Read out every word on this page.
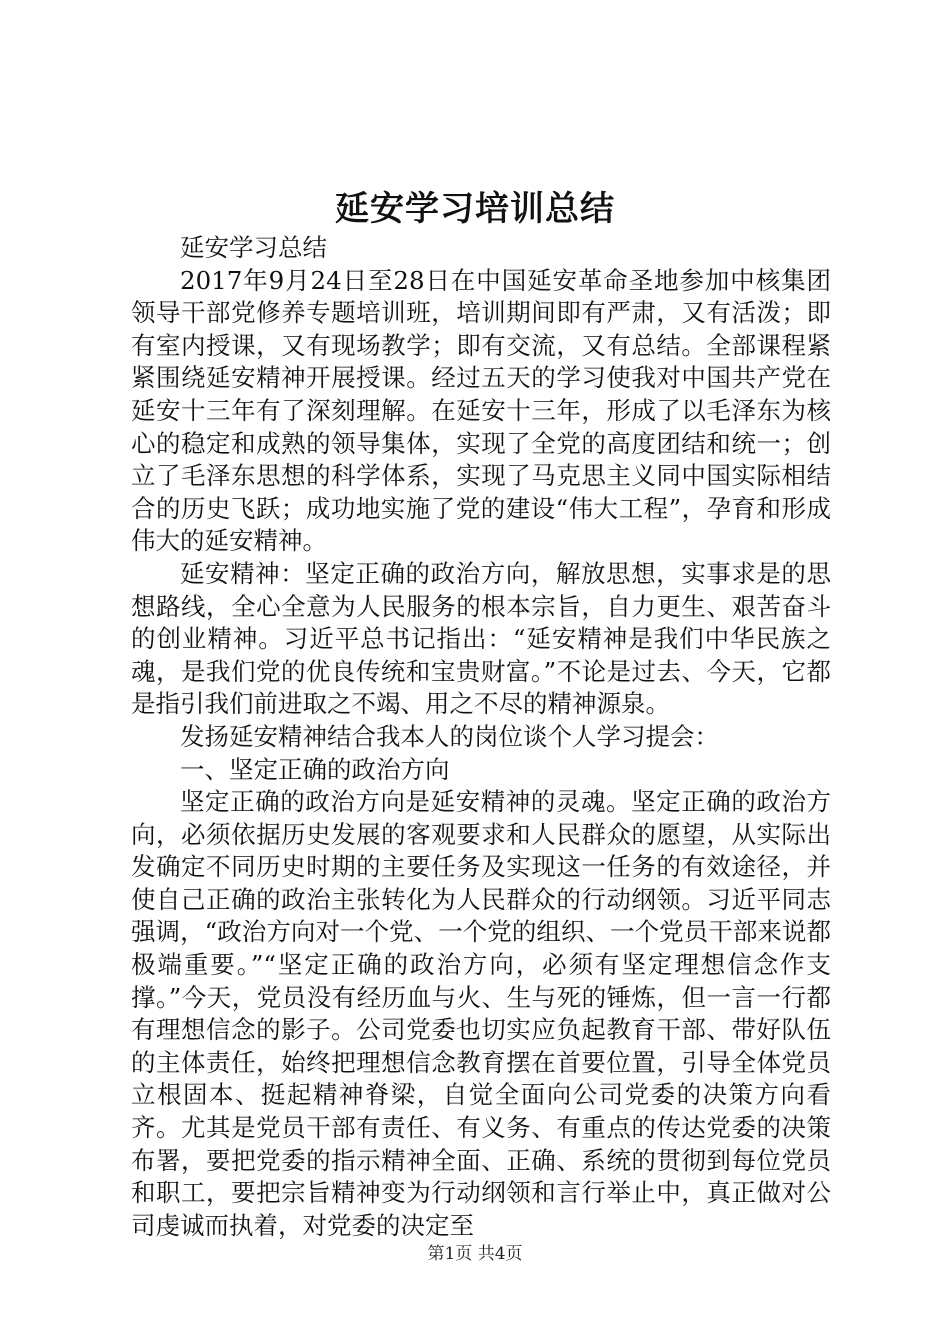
延安学习培训总结

延安学习总结

2017年9月24日至28日在中国延安革命圣地参加中核集团领导干部党修养专题培训班，培训期间即有严肃，又有活泼；即有室内授课，又有现场教学；即有交流，又有总结。全部课程紧紧围绕延安精神开展授课。经过五天的学习使我对中国共产党在延安十三年有了深刻理解。在延安十三年，形成了以毛泽东为核心的稳定和成熟的领导集体，实现了全党的高度团结和统一；创立了毛泽东思想的科学体系，实现了马克思主义同中国实际相结合的历史飞跃；成功地实施了党的建设“伟大工程”，孕育和形成伟大的延安精神。

延安精神：坚定正确的政治方向，解放思想，实事求是的思想路线，全心全意为人民服务的根本宗旨，自力更生、艰苦奋斗的创业精神。习近平总书记指出：“延安精神是我们中华民族之魂，是我们党的优良传统和宝贵财富。”不论是过去、今天，它都是指引我们前进取之不竭、用之不尽的精神源泉。

发扬延安精神结合我本人的岗位谈个人学习提会：

一、坚定正确的政治方向

坚定正确的政治方向是延安精神的灵魂。坚定正确的政治方向，必须依据历史发展的客观要求和人民群众的愿望，从实际出发确定不同历史时期的主要任务及实现这一任务的有效途径，并使自己正确的政治主张转化为人民群众的行动纲领。习近平同志强调，“政治方向对一个党、一个党的组织、一个党员干部来说都极端重要。”“坚定正确的政治方向，必须有坚定理想信念作支撑。”今天，党员没有经历血与火、生与死的锤炼，但一言一行都有理想信念的影子。公司党委也切实应负起教育干部、带好队伍的主体责任，始终把理想信念教育摆在首要位置，引导全体党员立根固本、挺起精神脊梁，自觉全面向公司党委的决策方向看齐。尤其是党员干部有责任、有义务、有重点的传达党委的决策布署，要把党委的指示精神全面、正确、系统的贯彻到每位党员和职工，要把宗旨精神变为行动纲领和言行举止中，真正做对公司虔诚而执着，对党委的决定至

第1页 共4页
